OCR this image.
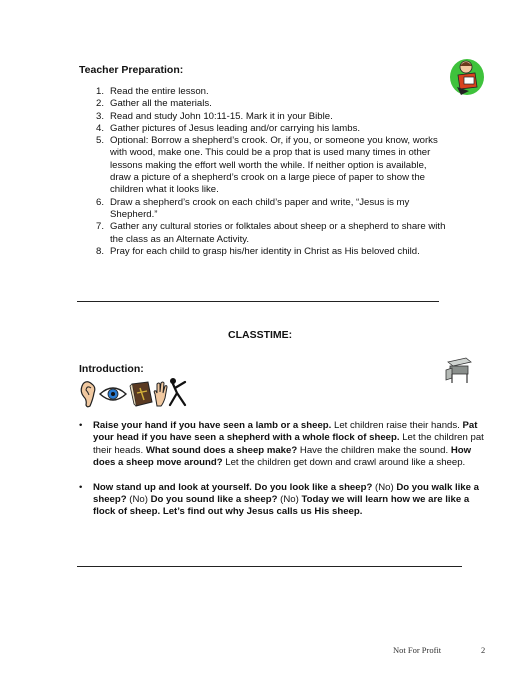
Teacher Preparation:
Read the entire lesson.
Gather all the materials.
Read and study John 10:11-15. Mark it in your Bible.
Gather pictures of Jesus leading and/or carrying his lambs.
Optional: Borrow a shepherd’s crook. Or, if you, or someone you know, works with wood, make one. This could be a prop that is used many times in other lessons making the effort well worth the while. If neither option is available, draw a picture of a shepherd’s crook on a large piece of paper to show the children what it looks like.
Draw a shepherd’s crook on each child’s paper and write, “Jesus is my Shepherd.”
Gather any cultural stories or folktales about sheep or a shepherd to share with the class as an Alternate Activity.
Pray for each child to grasp his/her identity in Christ as His beloved child.
CLASSTIME:
Introduction:
• Raise your hand if you have seen a lamb or a sheep. Let children raise their hands. Pat your head if you have seen a shepherd with a whole flock of sheep. Let the children pat their heads. What sound does a sheep make? Have the children make the sound. How does a sheep move around? Let the children get down and crawl around like a sheep.
• Now stand up and look at yourself. Do you look like a sheep? (No) Do you walk like a sheep? (No) Do you sound like a sheep? (No) Today we will learn how we are like a flock of sheep. Let’s find out why Jesus calls us His sheep.
Not For Profit	2
